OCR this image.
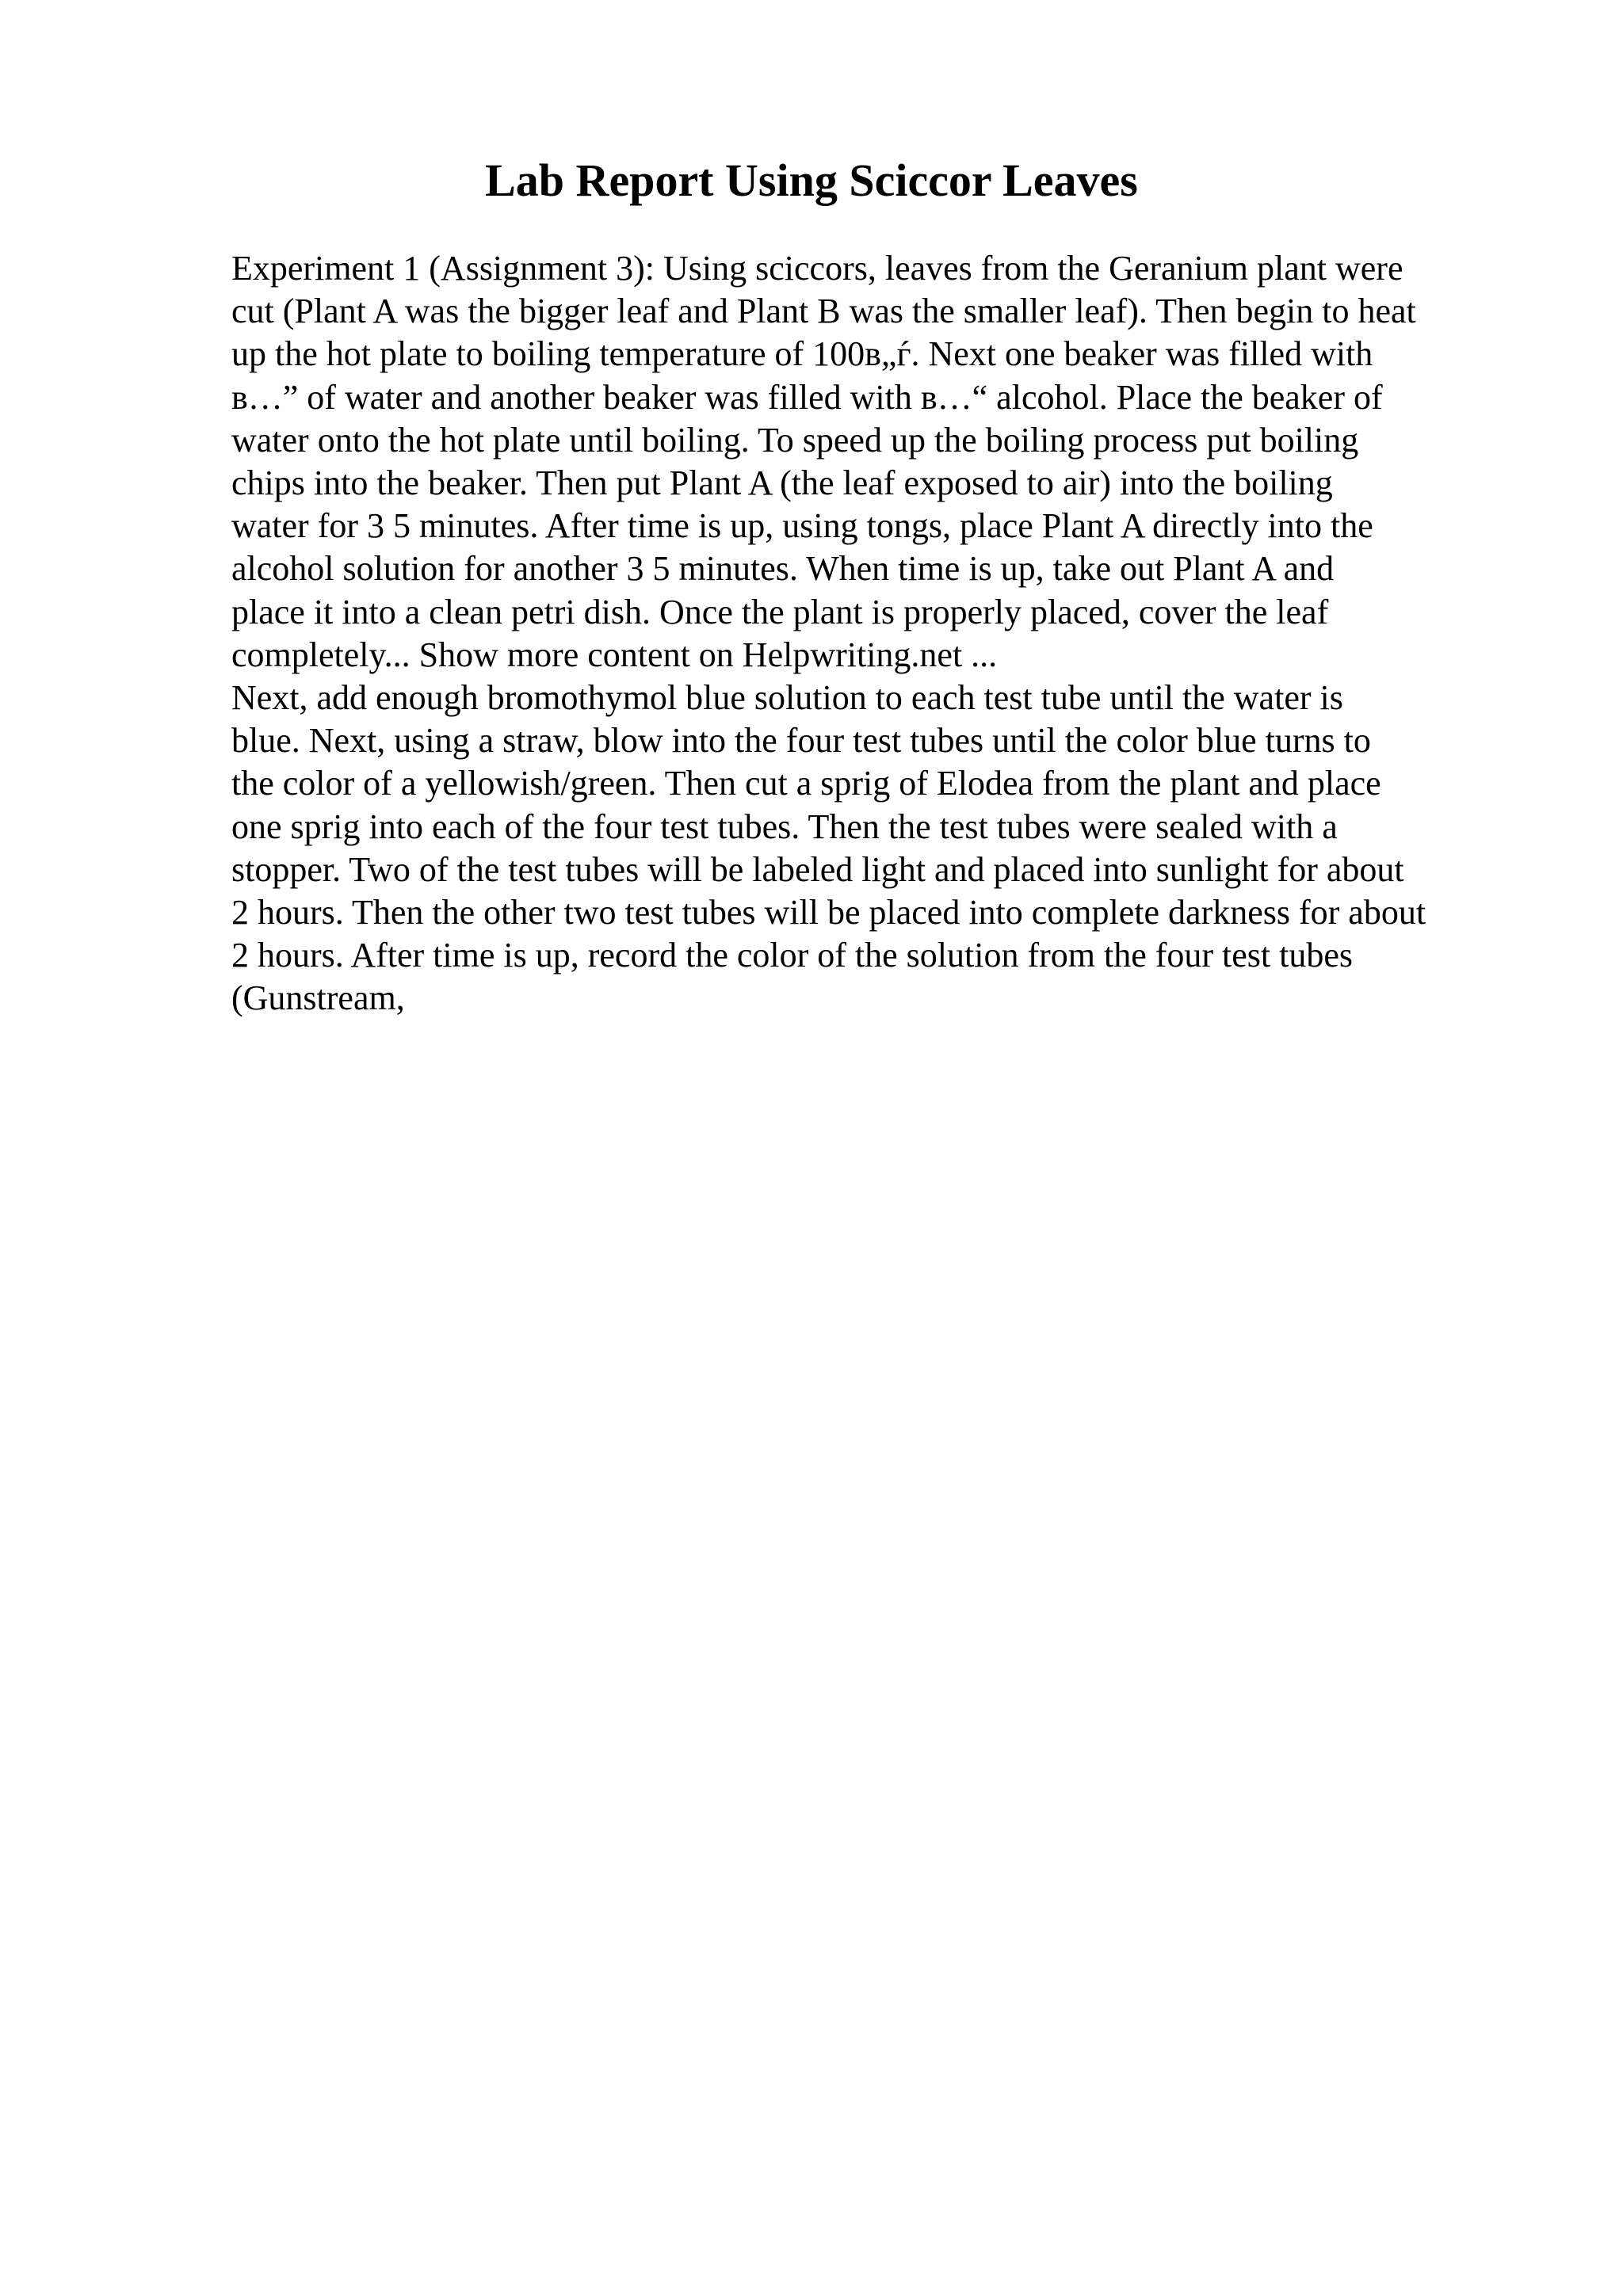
Lab Report Using Sciccor Leaves
Experiment 1 (Assignment 3): Using sciccors, leaves from the Geranium plant were
cut (Plant A was the bigger leaf and Plant B was the smaller leaf). Then begin to heat
up the hot plate to boiling temperature of 100в„ѓ. Next one beaker was filled with
в…” of water and another beaker was filled with в…“ alcohol. Place the beaker of
water onto the hot plate until boiling. To speed up the boiling process put boiling
chips into the beaker. Then put Plant A (the leaf exposed to air) into the boiling
water for 3 5 minutes. After time is up, using tongs, place Plant A directly into the
alcohol solution for another 3 5 minutes. When time is up, take out Plant A and
place it into a clean petri dish. Once the plant is properly placed, cover the leaf
completely... Show more content on Helpwriting.net ...
Next, add enough bromothymol blue solution to each test tube until the water is
blue. Next, using a straw, blow into the four test tubes until the color blue turns to
the color of a yellowish/green. Then cut a sprig of Elodea from the plant and place
one sprig into each of the four test tubes. Then the test tubes were sealed with a
stopper. Two of the test tubes will be labeled light and placed into sunlight for about
2 hours. Then the other two test tubes will be placed into complete darkness for about
2 hours. After time is up, record the color of the solution from the four test tubes
(Gunstream,
